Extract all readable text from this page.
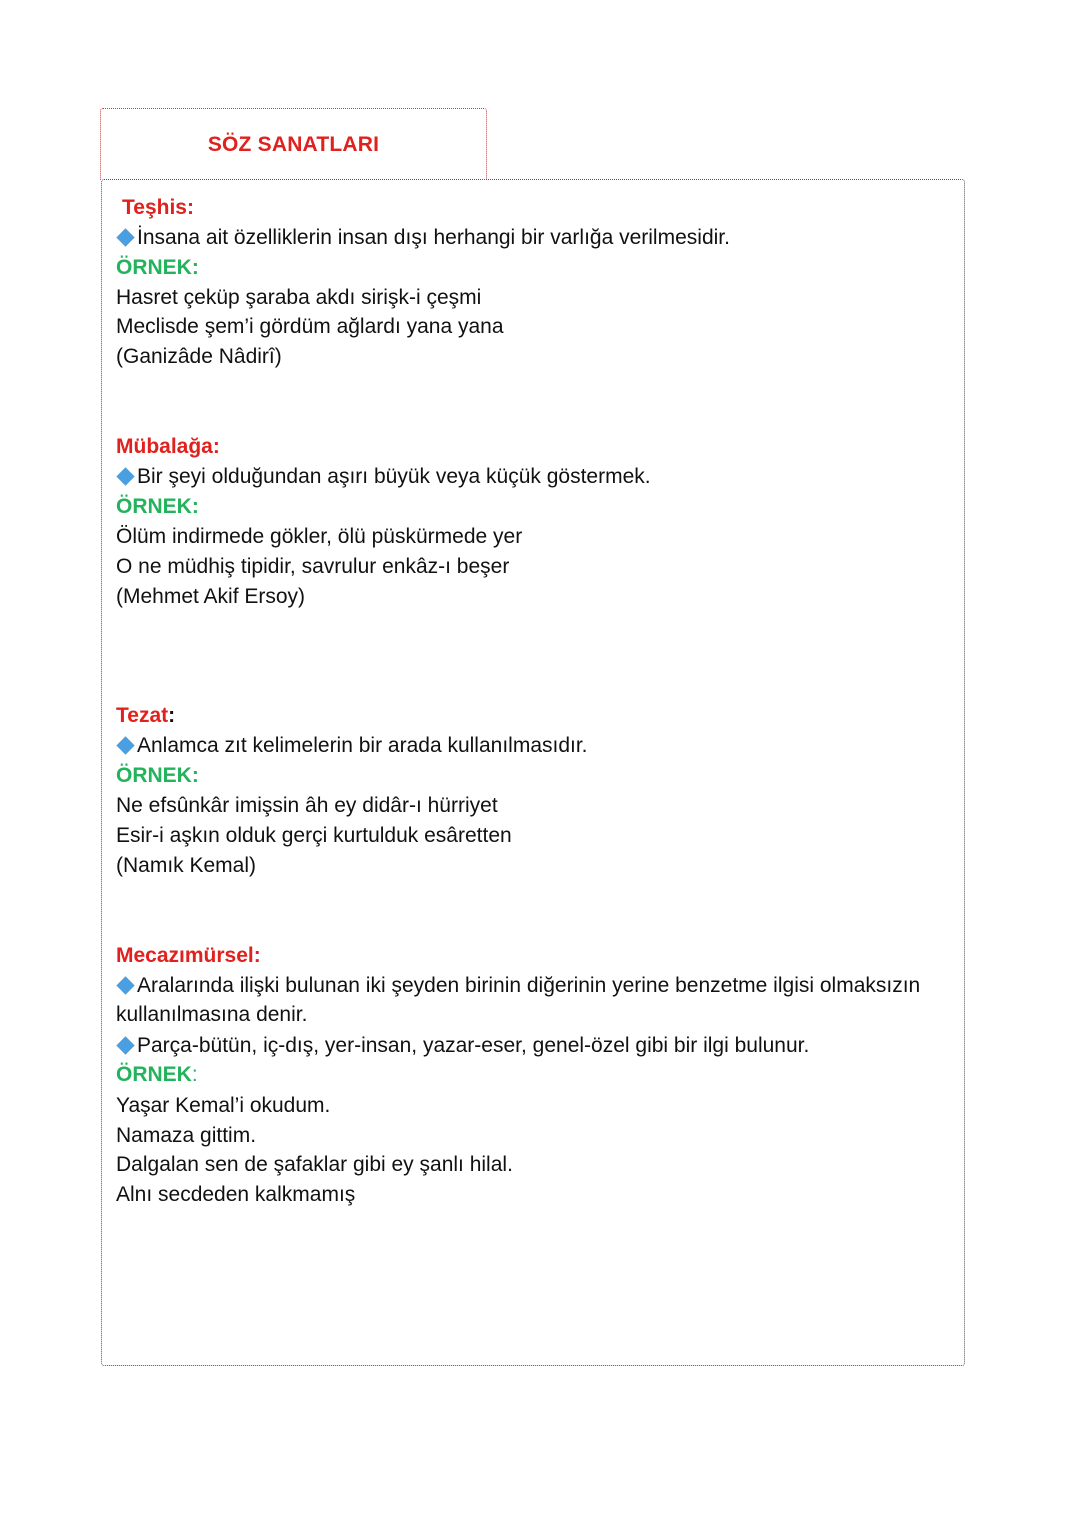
SÖZ SANATLARI
Teşhis:
İnsana ait özelliklerin insan dışı herhangi bir varlığa verilmesidir.
ÖRNEK:
Hasret çeküp şaraba akdı sirişk-i çeşmi
Meclisde şem’i gördüm ağlardı yana yana
(Ganizâde Nâdirî)
Mübalağa:
Bir şeyi olduğundan aşırı büyük veya küçük göstermek.
ÖRNEK:
Ölüm indirmede gökler, ölü püskürmede yer
O ne müdhiş tipidir, savrulur enkâz-ı beşer
(Mehmet Akif Ersoy)
Tezat:
Anlamca zıt kelimelerin bir arada kullanılmasıdır.
ÖRNEK:
Ne efsûnkâr imişsin âh ey didâr-ı hürriyet
Esir-i aşkın olduk gerçi kurtulduk esâretten
(Namık Kemal)
Mecazımürsel:
Aralarında ilişki bulunan iki şeyden birinin diğerinin yerine benzetme ilgisi olmaksızın
kullanılmasına denir.
Parça-bütün, iç-dış, yer-insan, yazar-eser, genel-özel gibi bir ilgi bulunur.
ÖRNEK:
Yaşar Kemal’i okudum.
Namaza gittim.
Dalgalan sen de şafaklar gibi ey şanlı hilal.
Alnı secdeden kalkmamış
